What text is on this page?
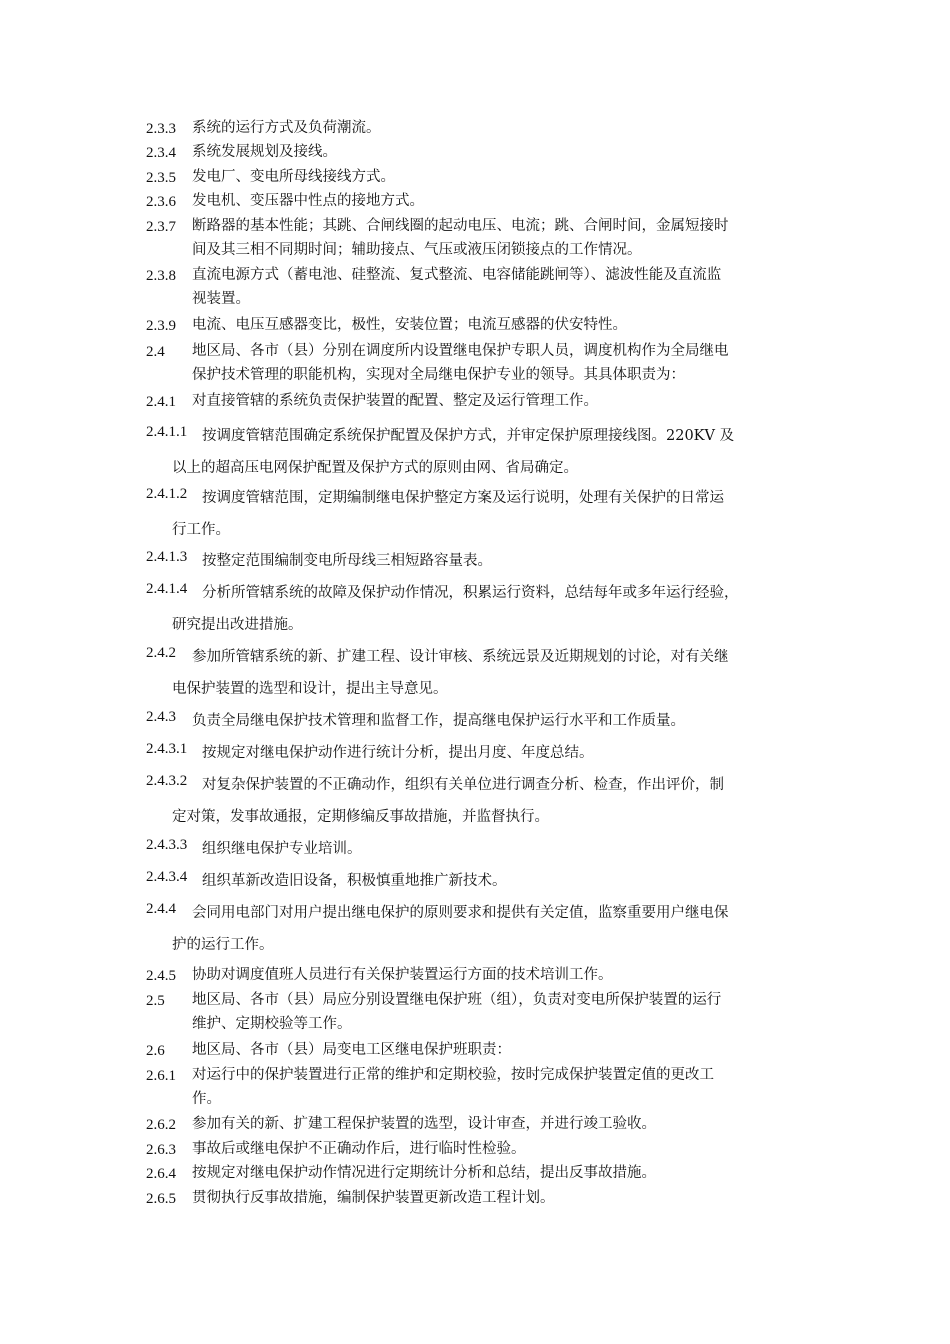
2.3.3	系统的运行方式及负荷潮流。
2.3.4	系统发展规划及接线。
2.3.5	发电厂、变电所母线接线方式。
2.3.6	发电机、变压器中性点的接地方式。
2.3.7	断路器的基本性能；其跳、合闸线圈的起动电压、电流；跳、合闸时间，金属短接时
间及其三相不同期时间；辅助接点、气压或液压闭锁接点的工作情况。
2.3.8	直流电源方式（蓄电池、硅整流、复式整流、电容储能跳闸等）、滤波性能及直流监
视装置。
2.3.9	电流、电压互感器变比，极性，安装位置；电流互感器的伏安特性。
2.4	地区局、各市（县）分别在调度所内设置继电保护专职人员，调度机构作为全局继电
保护技术管理的职能机构，实现对全局继电保护专业的领导。其具体职责为：
2.4.1	对直接管辖的系统负责保护装置的配置、整定及运行管理工作。
2.4.1.1	按调度管辖范围确定系统保护配置及保护方式，并审定保护原理接线图。220KV 及
以上的超高压电网保护配置及保护方式的原则由网、省局确定。
2.4.1.2	按调度管辖范围，定期编制继电保护整定方案及运行说明，处理有关保护的日常运
行工作。
2.4.1.3	按整定范围编制变电所母线三相短路容量表。
2.4.1.4	分析所管辖系统的故障及保护动作情况，积累运行资料，总结每年或多年运行经验，
研究提出改进措施。
2.4.2	参加所管辖系统的新、扩建工程、设计审核、系统远景及近期规划的讨论，对有关继
电保护装置的选型和设计，提出主导意见。
2.4.3	负责全局继电保护技术管理和监督工作，提高继电保护运行水平和工作质量。
2.4.3.1	按规定对继电保护动作进行统计分析，提出月度、年度总结。
2.4.3.2	对复杂保护装置的不正确动作，组织有关单位进行调查分析、检查，作出评价，制
定对策，发事故通报，定期修编反事故措施，并监督执行。
2.4.3.3	组织继电保护专业培训。
2.4.3.4	组织革新改造旧设备，积极慎重地推广新技术。
2.4.4	会同用电部门对用户提出继电保护的原则要求和提供有关定值，监察重要用户继电保
护的运行工作。
2.4.5	协助对调度值班人员进行有关保护装置运行方面的技术培训工作。
2.5	地区局、各市（县）局应分别设置继电保护班（组），负责对变电所保护装置的运行
维护、定期校验等工作。
2.6	地区局、各市（县）局变电工区继电保护班职责：
2.6.1	对运行中的保护装置进行正常的维护和定期校验，按时完成保护装置定值的更改工
作。
2.6.2	参加有关的新、扩建工程保护装置的选型，设计审查，并进行竣工验收。
2.6.3	事故后或继电保护不正确动作后，进行临时性检验。
2.6.4	按规定对继电保护动作情况进行定期统计分析和总结，提出反事故措施。
2.6.5	贯彻执行反事故措施，编制保护装置更新改造工程计划。
